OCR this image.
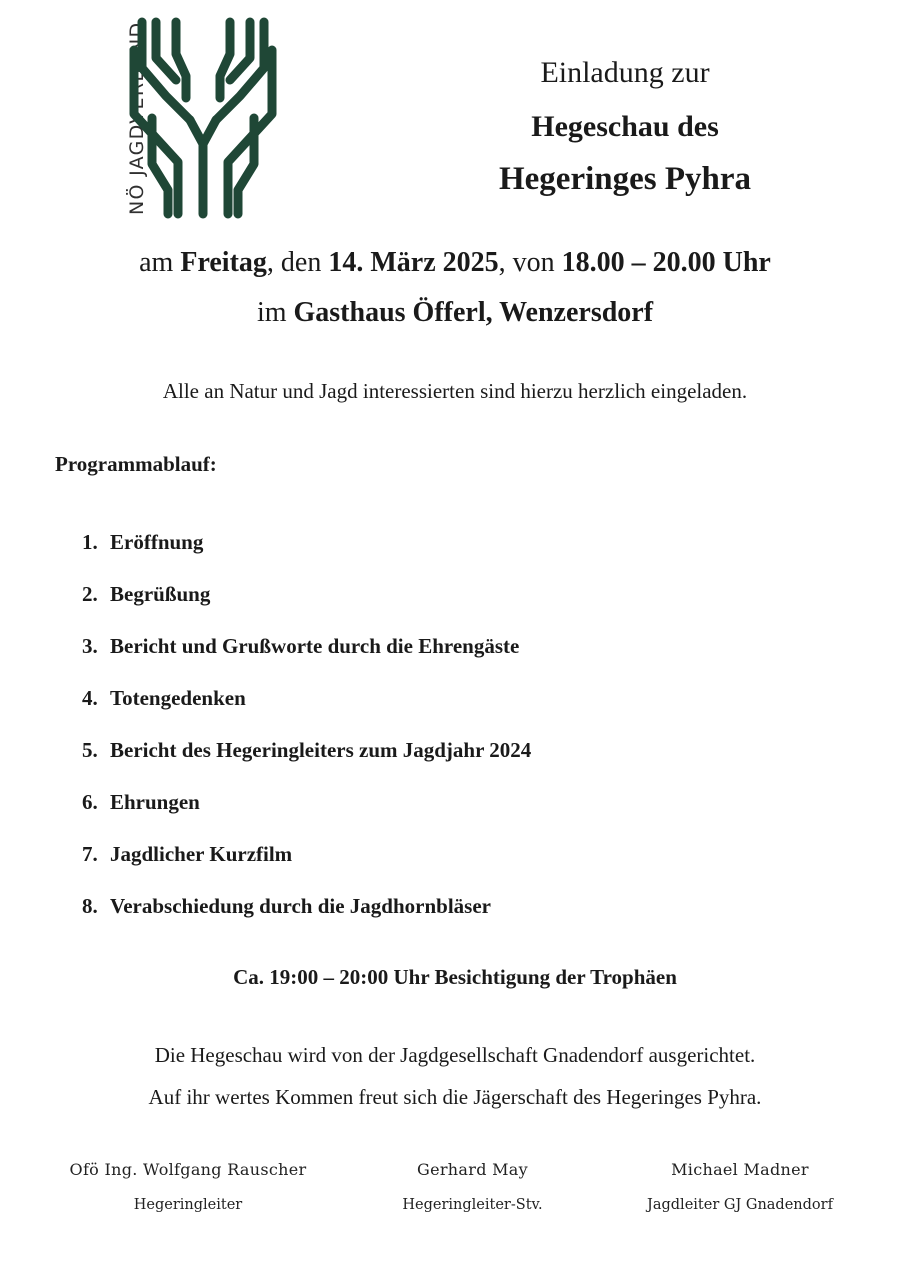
NÖ JAGDVERBAND	Einladung zur
Hegeschau des
Hegeringes Pyhra
am Freitag, den 14. März 2025, von 18.00 – 20.00 Uhr
im Gasthaus Öfferl, Wenzersdorf
Alle an Natur und Jagd interessierten sind hierzu herzlich eingeladen.
Programmablauf:
1. Eröffnung
2. Begrüßung
3. Bericht und Grußworte durch die Ehrengäste
4. Totengedenken
5. Bericht des Hegeringleiters zum Jagdjahr 2024
6. Ehrungen
7. Jagdlicher Kurzfilm
8. Verabschiedung durch die Jagdhornbläser
Ca. 19:00 – 20:00 Uhr Besichtigung der Trophäen
Die Hegeschau wird von der Jagdgesellschaft Gnadendorf ausgerichtet.
Auf ihr wertes Kommen freut sich die Jägerschaft des Hegeringes Pyhra.
Ofö Ing. Wolfgang Rauscher
Hegeringleiter
Gerhard May
Hegeringleiter-Stv.
Michael Madner
Jagdleiter GJ Gnadendorf
